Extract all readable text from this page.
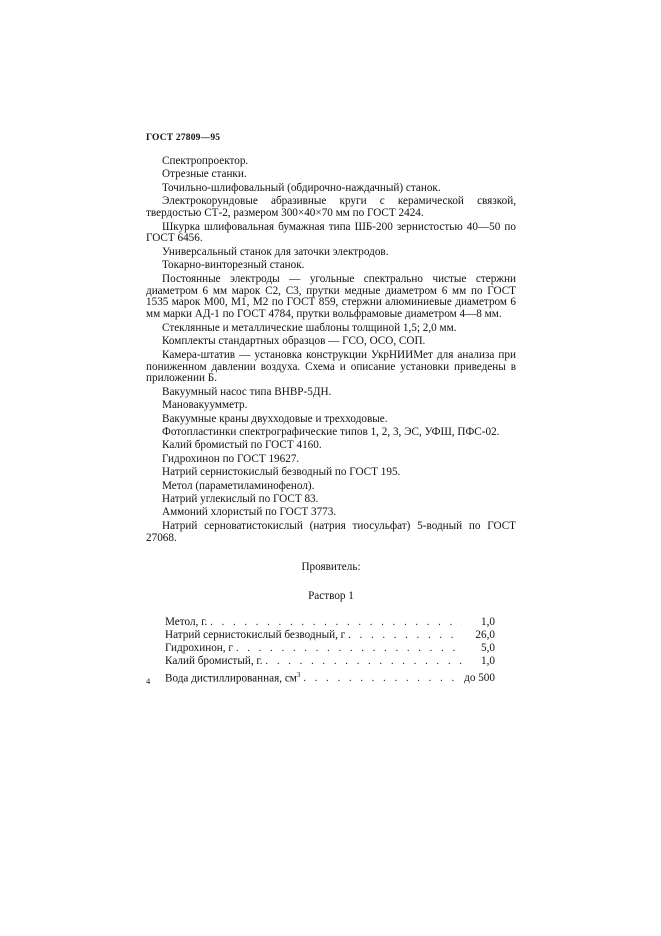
ГОСТ 27809—95
Спектропроектор.
Отрезные станки.
Точильно-шлифовальный (обдирочно-наждачный) станок.
Электрокорундовые абразивные круги с керамической связкой, твердостью СТ-2, размером 300×40×70 мм по ГОСТ 2424.
Шкурка шлифовальная бумажная типа ШБ-200 зернистостью 40—50 по ГОСТ 6456.
Универсальный станок для заточки электродов.
Токарно-винторезный станок.
Постоянные электроды — угольные спектрально чистые стержни диаметром 6 мм марок С2, С3, прутки медные диаметром 6 мм по ГОСТ 1535 марок М00, М1, М2 по ГОСТ 859, стержни алюминиевые диаметром 6 мм марки АД-1 по ГОСТ 4784, прутки вольфрамовые диаметром 4—8 мм.
Стеклянные и металлические шаблоны толщиной 1,5; 2,0 мм.
Комплекты стандартных образцов — ГСО, ОСО, СОП.
Камера-штатив — установка конструкции УкрНИИМет для анализа при пониженном давлении воздуха. Схема и описание установки приведены в приложении Б.
Вакуумный насос типа ВНВР-5ДН.
Мановакуумметр.
Вакуумные краны двухходовые и трехходовые.
Фотопластинки спектрографические типов 1, 2, 3, ЭС, УФШ, ПФС-02.
Калий бромистый по ГОСТ 4160.
Гидрохинон по ГОСТ 19627.
Натрий сернистокислый безводный по ГОСТ 195.
Метол (параметиламинофенол).
Натрий углекислый по ГОСТ 83.
Аммоний хлористый по ГОСТ 3773.
Натрий серноватистокислый (натрия тиосульфат) 5-водный по ГОСТ 27068.
Проявитель:
Раствор 1
Метол, г. . . .	1,0
Натрий сернистокислый безводный, г . . .	26,0
Гидрохинон, г . . .	5,0
Калий бромистый, г. . . .	1,0
Вода дистиллированная, $см^3$ . . .	до 500
4
